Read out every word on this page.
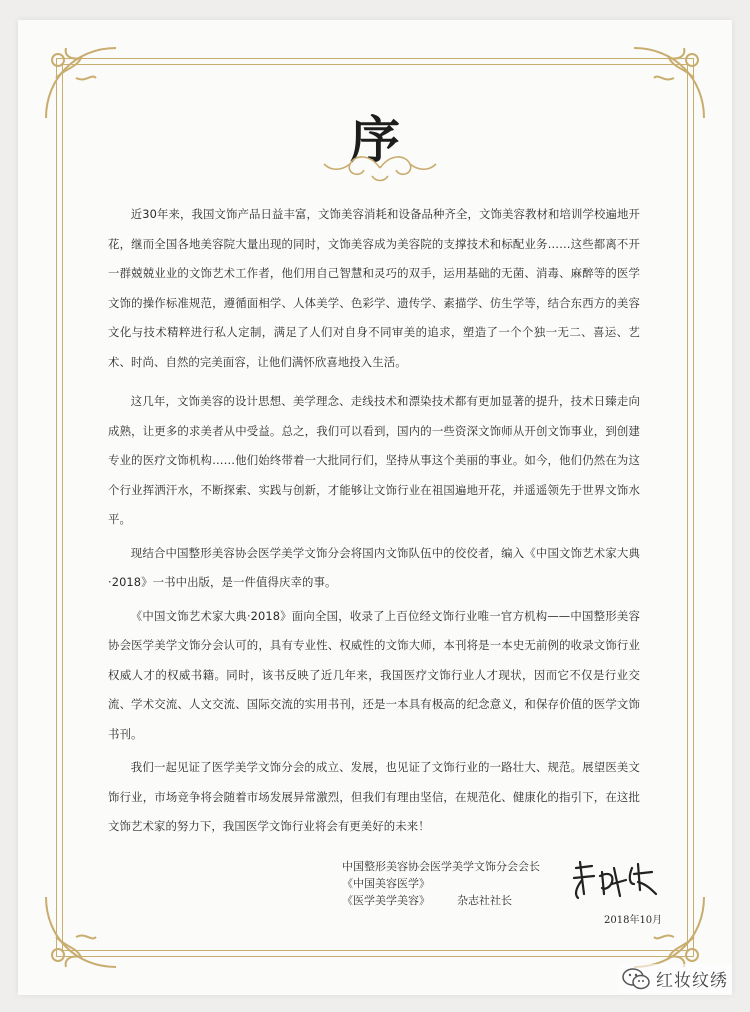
序

近30年来，我国文饰产品日益丰富，文饰美容消耗和设备品种齐全，文饰美容教材和培训学校遍地开花，继而全国各地美容院大量出现的同时，文饰美容成为美容院的支撑技术和标配业务……这些都离不开一群兢兢业业的文饰艺术工作者，他们用自己智慧和灵巧的双手，运用基础的无菌、消毒、麻醉等的医学文饰的操作标准规范，遵循面相学、人体美学、色彩学、遗传学、素描学、仿生学等，结合东西方的美容文化与技术精粹进行私人定制，满足了人们对自身不同审美的追求，塑造了一个个独一无二、喜运、艺术、时尚、自然的完美面容，让他们满怀欣喜地投入生活。

这几年，文饰美容的设计思想、美学理念、走线技术和漂染技术都有更加显著的提升，技术日臻走向成熟，让更多的求美者从中受益。总之，我们可以看到，国内的一些资深文饰师从开创文饰事业，到创建专业的医疗文饰机构……他们始终带着一大批同行们，坚持从事这个美丽的事业。如今，他们仍然在为这个行业挥洒汗水，不断探索、实践与创新，才能够让文饰行业在祖国遍地开花，并遥遥领先于世界文饰水平。

现结合中国整形美容协会医学美学文饰分会将国内文饰队伍中的佼佼者，编入《中国文饰艺术家大典·2018》一书中出版，是一件值得庆幸的事。

《中国文饰艺术家大典·2018》面向全国，收录了上百位经文饰行业唯一官方机构——中国整形美容协会医学美学文饰分会认可的，具有专业性、权威性的文饰大师，本刊将是一本史无前例的收录文饰行业权威人才的权威书籍。同时，该书反映了近几年来，我国医疗文饰行业人才现状，因而它不仅是行业交流、学术交流、人文交流、国际交流的实用书刊，还是一本具有极高的纪念意义，和保存价值的医学文饰书刊。

我们一起见证了医学美学文饰分会的成立、发展，也见证了文饰行业的一路壮大、规范。展望医美文饰行业，市场竞争将会随着市场发展异常激烈，但我们有理由坚信，在规范化、健康化的指引下，在这批文饰艺术家的努力下，我国医学文饰行业将会有更美好的未来！

中国整形美容协会医学美学文饰分会会长
《中国美容医学》
《医学美学美容》	杂志社社长
2018年10月
红妆纹绣
